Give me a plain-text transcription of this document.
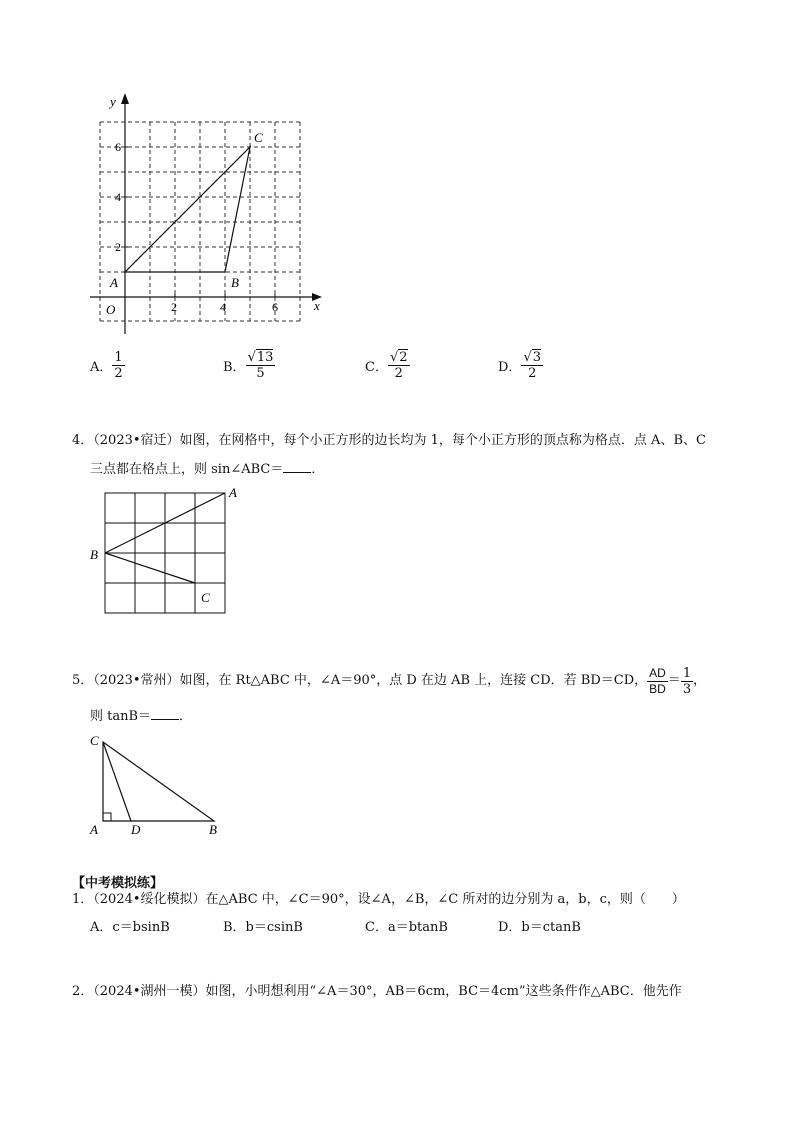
y
x
O	2	4	6
2
4
6
A	B
C
A． $\frac{1}{2}$	B． $\frac{√13}{5}$	C． $\frac{√2}{2}$	D． $\frac{√3}{2}$
4．（2023•宿迁）如图，在网格中，每个小正方形的边长均为 1，每个小正方形的顶点称为格点．点 A、B、C
三点都在格点上，则 sin∠ABC＝ ．
A
B
C
5．（2023•常州）如图，在 Rt△ABC 中，∠A＝90°，点 D 在边 AB 上，连接 CD．若 BD＝CD， $\frac{AD}{BD} = \frac{1}{3}$ ，
则 tanB＝ ．
C
A	D	B
【中考模拟练】
1．（2024•绥化模拟）在△ABC 中，∠C＝90°，设∠A，∠B，∠C 所对的边分别为 a，b，c，则（　　）
A．c＝bsinB	B．b＝csinB	C．a＝btanB	D．b＝ctanB
2．（2024•湖州一模）如图，小明想利用“∠A＝30°，AB＝6cm，BC＝4cm”这些条件作△ABC．他先作
